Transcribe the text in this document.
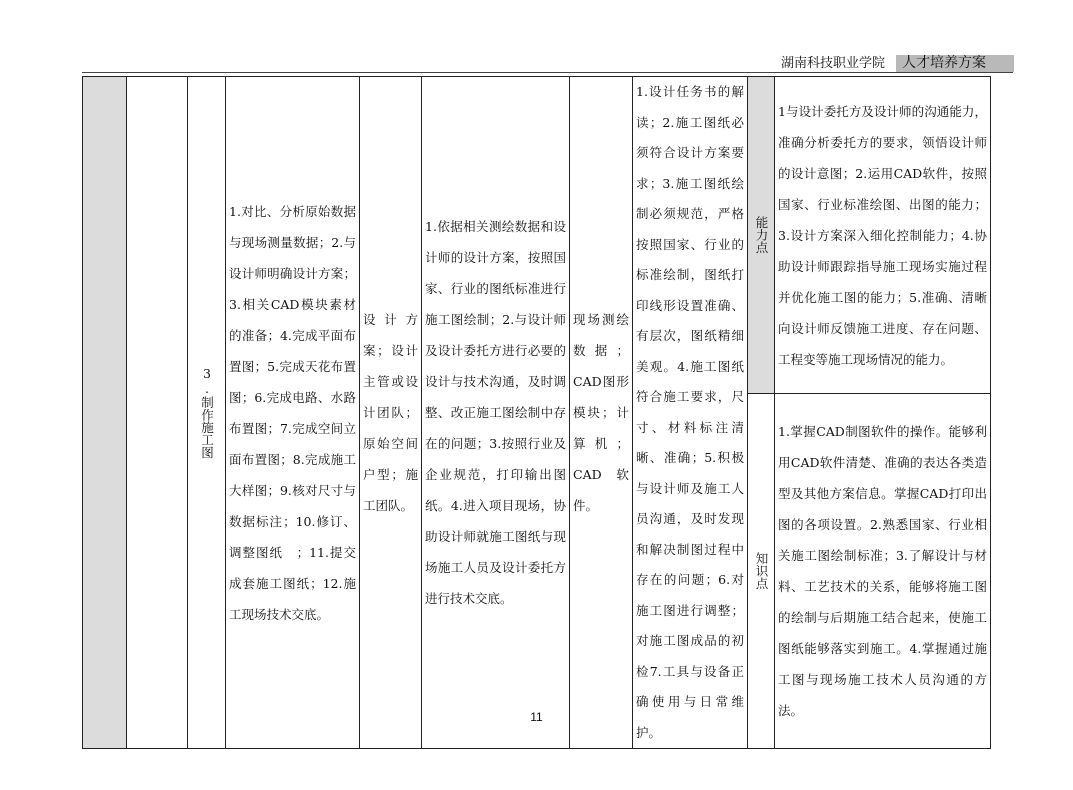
湖南科技职业学院	人才培养方案

		3.制作施工图	1.对比、分析原始数据与现场测量数据；2.与设计师明确设计方案；3.相关CAD模块素材的准备；4.完成平面布置图；5.完成天花布置图；6.完成电路、水路布置图；7.完成空间立面布置图；8.完成施工大样图；9.核对尺寸与数据标注；10.修订、调整图纸　；11.提交成套施工图纸；12.施工现场技术交底。	设计方案；设计主管或设计团队；原始空间户型；施工团队。	1.依据相关测绘数据和设计师的设计方案，按照国家、行业的图纸标准进行施工图绘制；2.与设计师及设计委托方进行必要的设计与技术沟通，及时调整、改正施工图绘制中存在的问题；3.按照行业及企业规范，打印输出图纸。4.进入项目现场，协助设计师就施工图纸与现场施工人员及设计委托方进行技术交底。	现场测绘数据；CAD图形模块；计算机；CAD软件。	1.设计任务书的解读；2.施工图纸必须符合设计方案要求；3.施工图纸绘制必须规范，严格按照国家、行业的标准绘制，图纸打印线形设置准确、有层次，图纸精细美观。4.施工图纸符合施工要求，尺寸、材料标注清晰、准确；5.积极与设计师及施工人员沟通，及时发现和解决制图过程中存在的问题；6.对施工图进行调整；对施工图成品的初检7.工具与设备正确使用与日常维护。	能力点	1与设计委托方及设计师的沟通能力，准确分析委托方的要求，领悟设计师的设计意图；2.运用CAD软件，按照国家、行业标准绘图、出图的能力；3.设计方案深入细化控制能力；4.协助设计师跟踪指导施工现场实施过程并优化施工图的能力；5.准确、清晰向设计师反馈施工进度、存在问题、工程变等施工现场情况的能力。

								知识点	1.掌握CAD制图软件的操作。能够利用CAD软件清楚、准确的表达各类造型及其他方案信息。掌握CAD打印出图的各项设置。2.熟悉国家、行业相关施工图绘制标准；3.了解设计与材料、工艺技术的关系，能够将施工图的绘制与后期施工结合起来，使施工图纸能够落实到施工。4.掌握通过施工图与现场施工技术人员沟通的方法。
11
